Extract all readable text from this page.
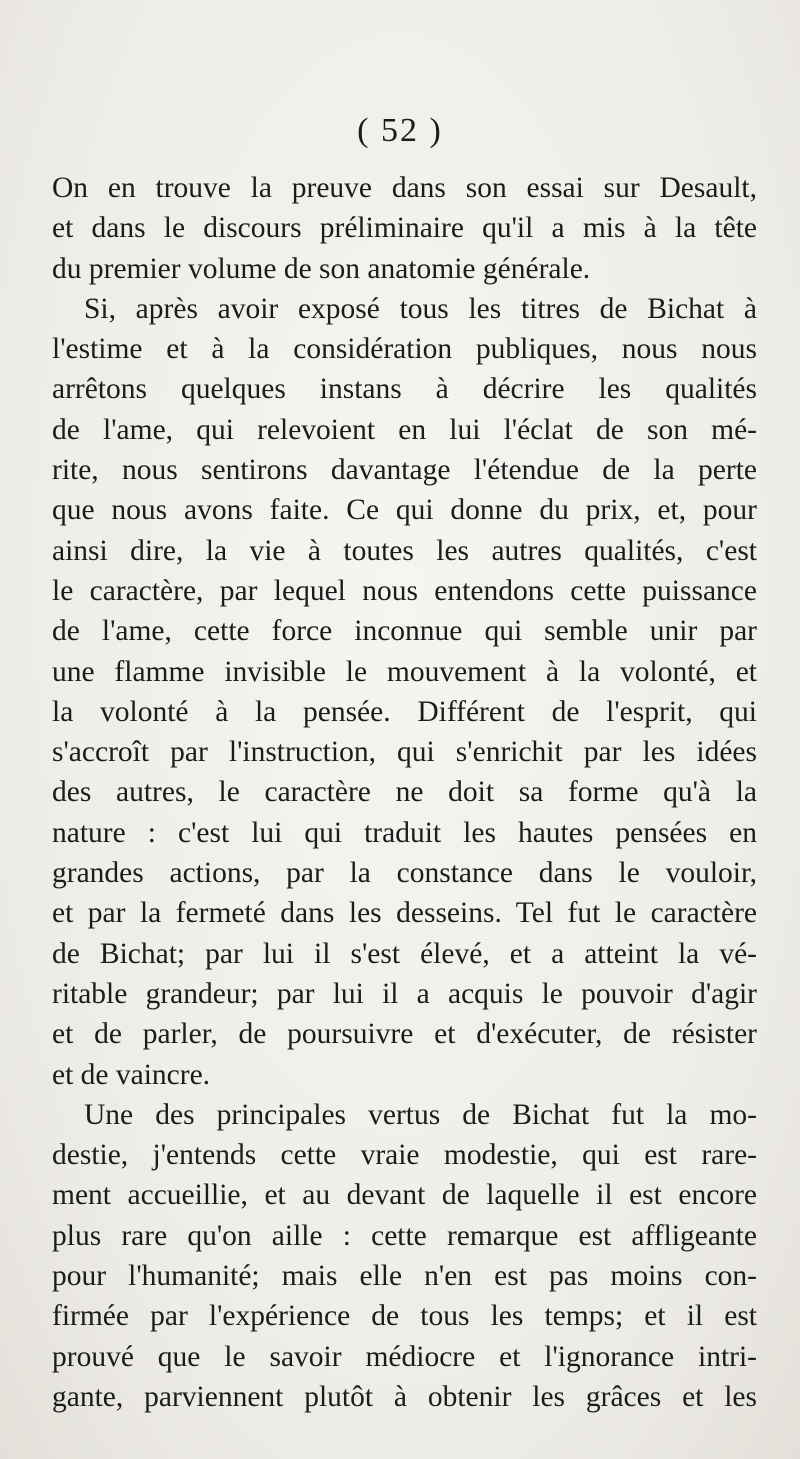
( 52 )
On en trouve la preuve dans son essai sur Desault,
et dans le discours préliminaire qu'il a mis à la tête
du premier volume de son anatomie générale.
Si, après avoir exposé tous les titres de Bichat à
l'estime et à la considération publiques, nous nous
arrêtons quelques instans à décrire les qualités
de l'ame, qui relevoient en lui l'éclat de son mé-
rite, nous sentirons davantage l'étendue de la perte
que nous avons faite. Ce qui donne du prix, et, pour
ainsi dire, la vie à toutes les autres qualités, c'est
le caractère, par lequel nous entendons cette puissance
de l'ame, cette force inconnue qui semble unir par
une flamme invisible le mouvement à la volonté, et
la volonté à la pensée. Différent de l'esprit, qui
s'accroît par l'instruction, qui s'enrichit par les idées
des autres, le caractère ne doit sa forme qu'à la
nature : c'est lui qui traduit les hautes pensées en
grandes actions, par la constance dans le vouloir,
et par la fermeté dans les desseins. Tel fut le caractère
de Bichat; par lui il s'est élevé, et a atteint la vé-
ritable grandeur; par lui il a acquis le pouvoir d'agir
et de parler, de poursuivre et d'exécuter, de résister
et de vaincre.
Une des principales vertus de Bichat fut la mo-
destie, j'entends cette vraie modestie, qui est rare-
ment accueillie, et au devant de laquelle il est encore
plus rare qu'on aille : cette remarque est affligeante
pour l'humanité; mais elle n'en est pas moins con-
firmée par l'expérience de tous les temps; et il est
prouvé que le savoir médiocre et l'ignorance intri-
gante, parviennent plutôt à obtenir les grâces et les
